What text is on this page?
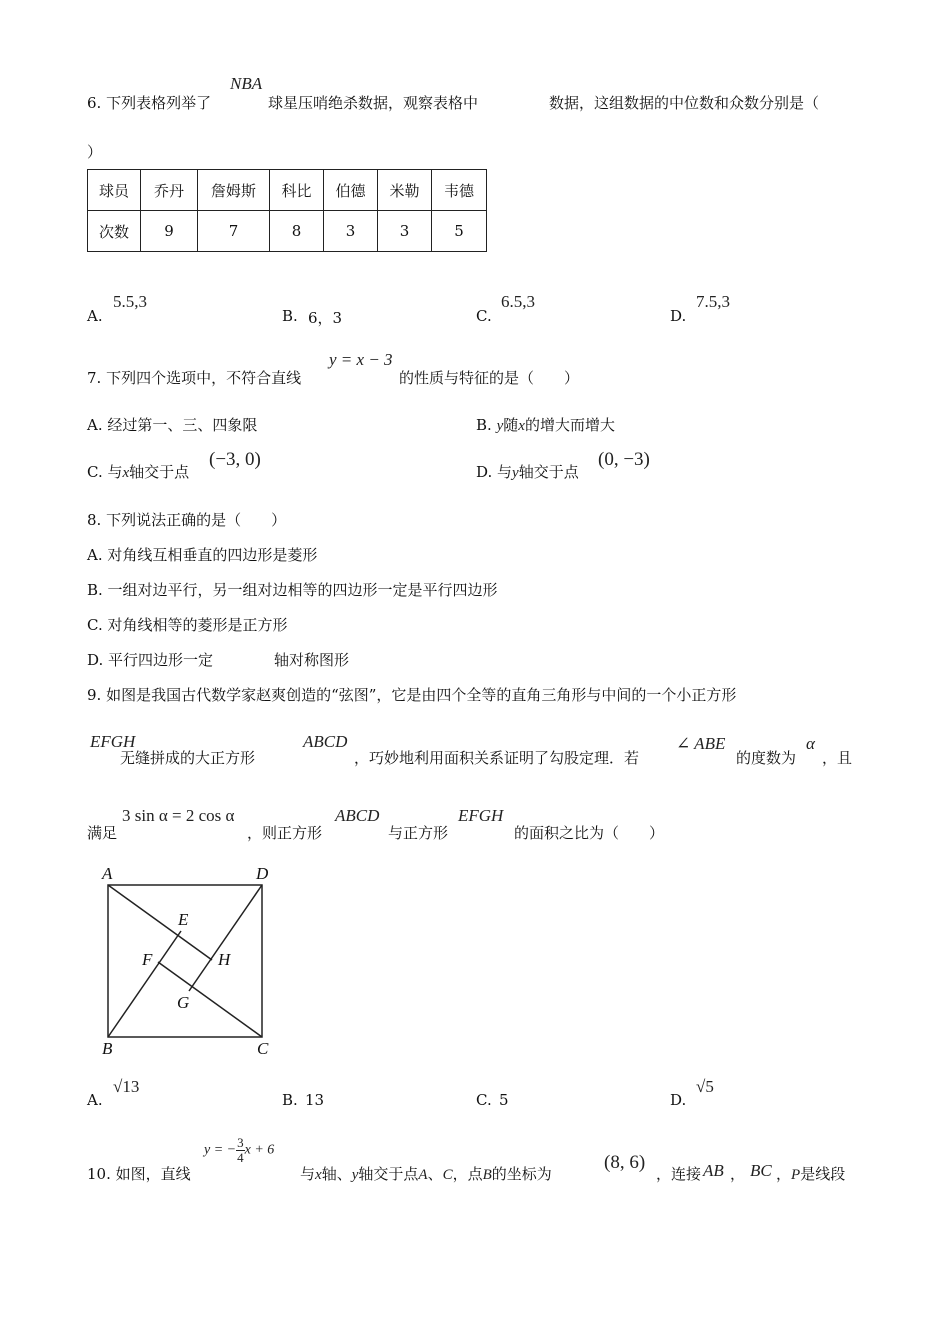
6. 下列表格列举了
NBA
球星压哨绝杀数据，观察表格中	数据，这组数据的中位数和众数分别是（
）
球员	乔丹	詹姆斯	科比	伯德	米勒	韦德
次数	9	7	8	3	3	5
A.
5.5,3
B. 6，3	C.
6.5,3
D.
7.5,3
7. 下列四个选项中，不符合直线
y = x − 3
的性质与特征的是（　　）
A. 经过第一、三、四象限	B. y随x的增大而增大
C. 与x轴交于点
(−3, 0)
D. 与y轴交于点
(0, −3)
8. 下列说法正确的是（　　）
A. 对角线互相垂直的四边形是菱形
B. 一组对边平行，另一组对边相等的四边形一定是平行四边形
C. 对角线相等的菱形是正方形
D. 平行四边形一定	轴对称图形
9. 如图是我国古代数学家赵爽创造的“弦图”，它是由四个全等的直角三角形与中间的一个小正方形
EFGH
无缝拼成的大正方形
ABCD
，巧妙地利用面积关系证明了勾股定理．若
∠ ABE
的度数为
α
，且
满足
3 sin α = 2 cos α
，则正方形
ABCD
与正方形
EFGH
的面积之比为（　　）
A	D
B	C
E
F	H
G
A.
√13
B. 13	C. 5	D.
√5
10. 如图，直线
y = − $\frac{3}{4}$ x + 6
与x轴、y轴交于点A、C，点B的坐标为
(8, 6)
，连接 AB ， BC ，P是线段
